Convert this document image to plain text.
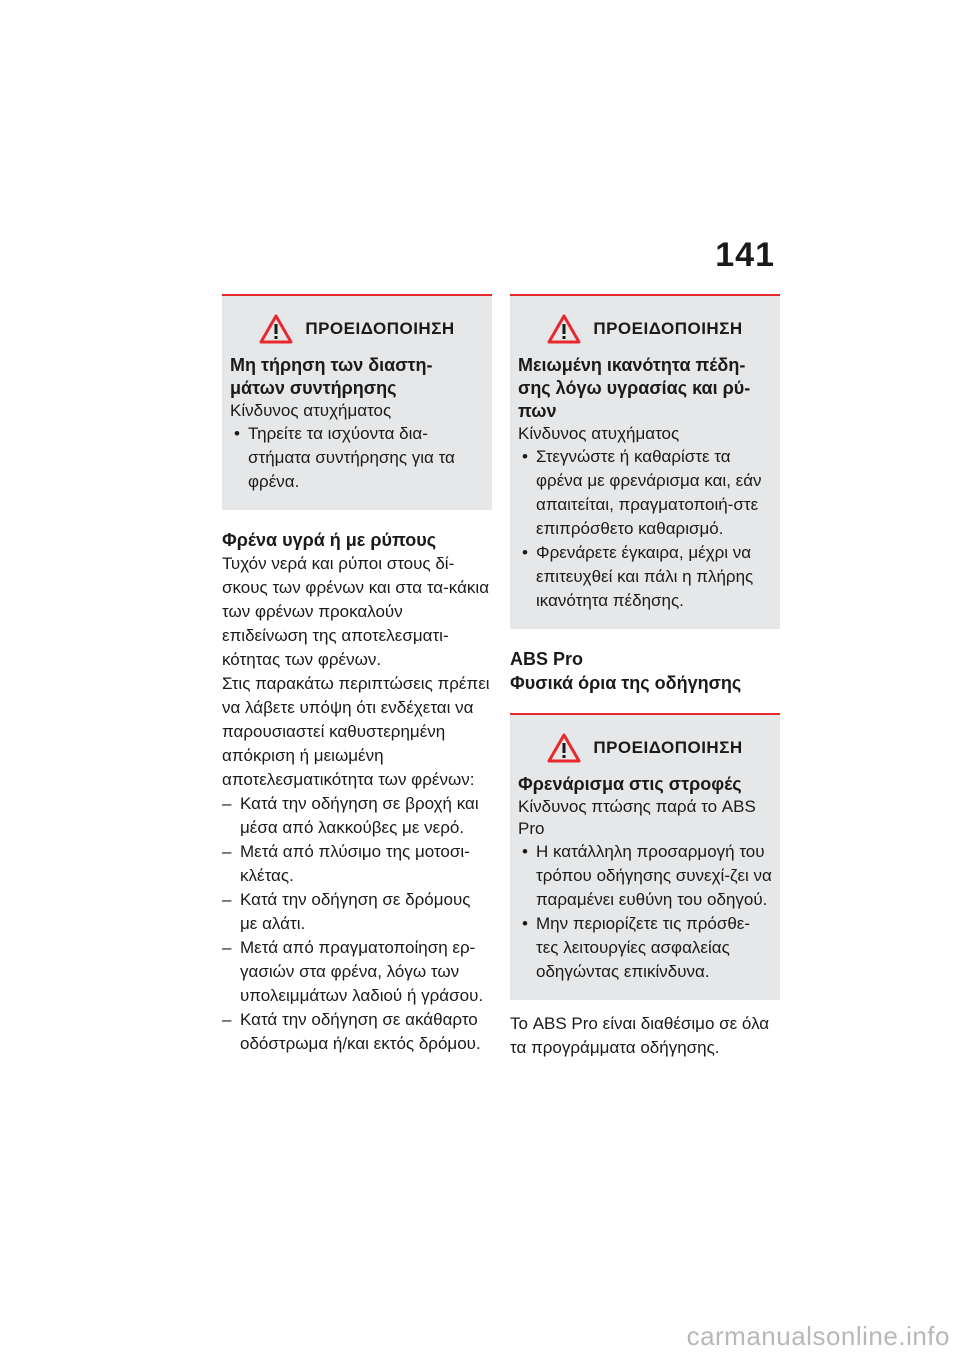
141
ΠΡΟΕΙΔΟΠΟΙΗΣΗ
Μη τήρηση των διαστη-μάτων συντήρησης
Κίνδυνος ατυχήματος
• Τηρείτε τα ισχύοντα δια-στήματα συντήρησης για τα φρένα.
Φρένα υγρά ή με ρύπους
Τυχόν νερά και ρύποι στους δί-σκους των φρένων και στα τα-κάκια των φρένων προκαλούν επιδείνωση της αποτελεσματι-κότητας των φρένων.
Στις παρακάτω περιπτώσεις πρέπει να λάβετε υπόψη ότι ενδέχεται να παρουσιαστεί καθυστερημένη απόκριση ή μειωμένη αποτελεσματικότητα των φρένων:
– Κατά την οδήγηση σε βροχή και μέσα από λακκούβες με νερό.
– Μετά από πλύσιμο της μοτοσι-κλέτας.
– Κατά την οδήγηση σε δρόμους με αλάτι.
– Μετά από πραγματοποίηση ερ-γασιών στα φρένα, λόγω των υπολειμμάτων λαδιού ή γράσου.
– Κατά την οδήγηση σε ακάθαρτο οδόστρωμα ή/και εκτός δρόμου.
ΠΡΟΕΙΔΟΠΟΙΗΣΗ
Μειωμένη ικανότητα πέδη-σης λόγω υγρασίας και ρύ-πων
Κίνδυνος ατυχήματος
• Στεγνώστε ή καθαρίστε τα φρένα με φρενάρισμα και, εάν απαιτείται, πραγματοποιή-στε επιπρόσθετο καθαρισμό.
• Φρενάρετε έγκαιρα, μέχρι να επιτευχθεί και πάλι η πλήρης ικανότητα πέδησης.
ABS Pro
Φυσικά όρια της οδήγησης
ΠΡΟΕΙΔΟΠΟΙΗΣΗ
Φρενάρισμα στις στροφές
Κίνδυνος πτώσης παρά το ABS Pro
• Η κατάλληλη προσαρμογή του τρόπου οδήγησης συνεχί-ζει να παραμένει ευθύνη του οδηγού.
• Μην περιορίζετε τις πρόσθε-τες λειτουργίες ασφαλείας οδηγώντας επικίνδυνα.
Το ABS Pro είναι διαθέσιμο σε όλα τα προγράμματα οδήγησης.
carmanualsonline.info
